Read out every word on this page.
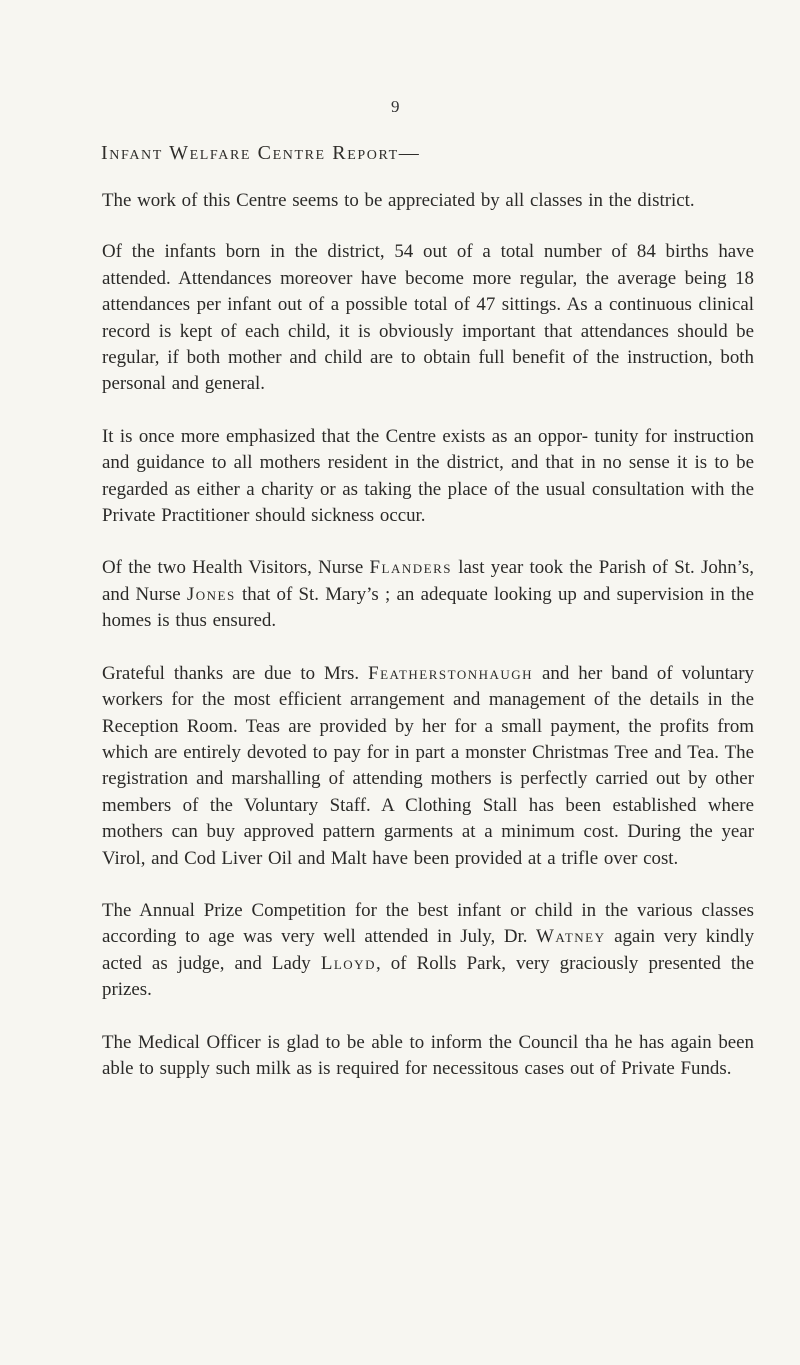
9
Infant Welfare Centre Report—

The work of this Centre seems to be appreciated by all classes in the district.

Of the infants born in the district, 54 out of a total number of 84 births have attended. Attendances moreover have become more regular, the average being 18 attendances per infant out of a possible total of 47 sittings. As a continuous clinical record is kept of each child, it is obviously important that attendances should be regular, if both mother and child are to obtain full benefit of the instruction, both personal and general.

It is once more emphasized that the Centre exists as an oppor- tunity for instruction and guidance to all mothers resident in the district, and that in no sense it is to be regarded as either a charity or as taking the place of the usual consultation with the Private Practitioner should sickness occur.

Of the two Health Visitors, Nurse Flanders last year took the Parish of St. John’s, and Nurse Jones that of St. Mary’s ; an adequate looking up and supervision in the homes is thus ensured.

Grateful thanks are due to Mrs. Featherstonhaugh and her band of voluntary workers for the most efficient arrangement and management of the details in the Reception Room. Teas are provided by her for a small payment, the profits from which are entirely devoted to pay for in part a monster Christmas Tree and Tea. The registration and marshalling of attending mothers is perfectly carried out by other members of the Voluntary Staff. A Clothing Stall has been established where mothers can buy approved pattern garments at a minimum cost. During the year Virol, and Cod Liver Oil and Malt have been provided at a trifle over cost.

The Annual Prize Competition for the best infant or child in the various classes according to age was very well attended in July, Dr. Watney again very kindly acted as judge, and Lady Lloyd, of Rolls Park, very graciously presented the prizes.

The Medical Officer is glad to be able to inform the Council tha he has again been able to supply such milk as is required for necessitous cases out of Private Funds.
